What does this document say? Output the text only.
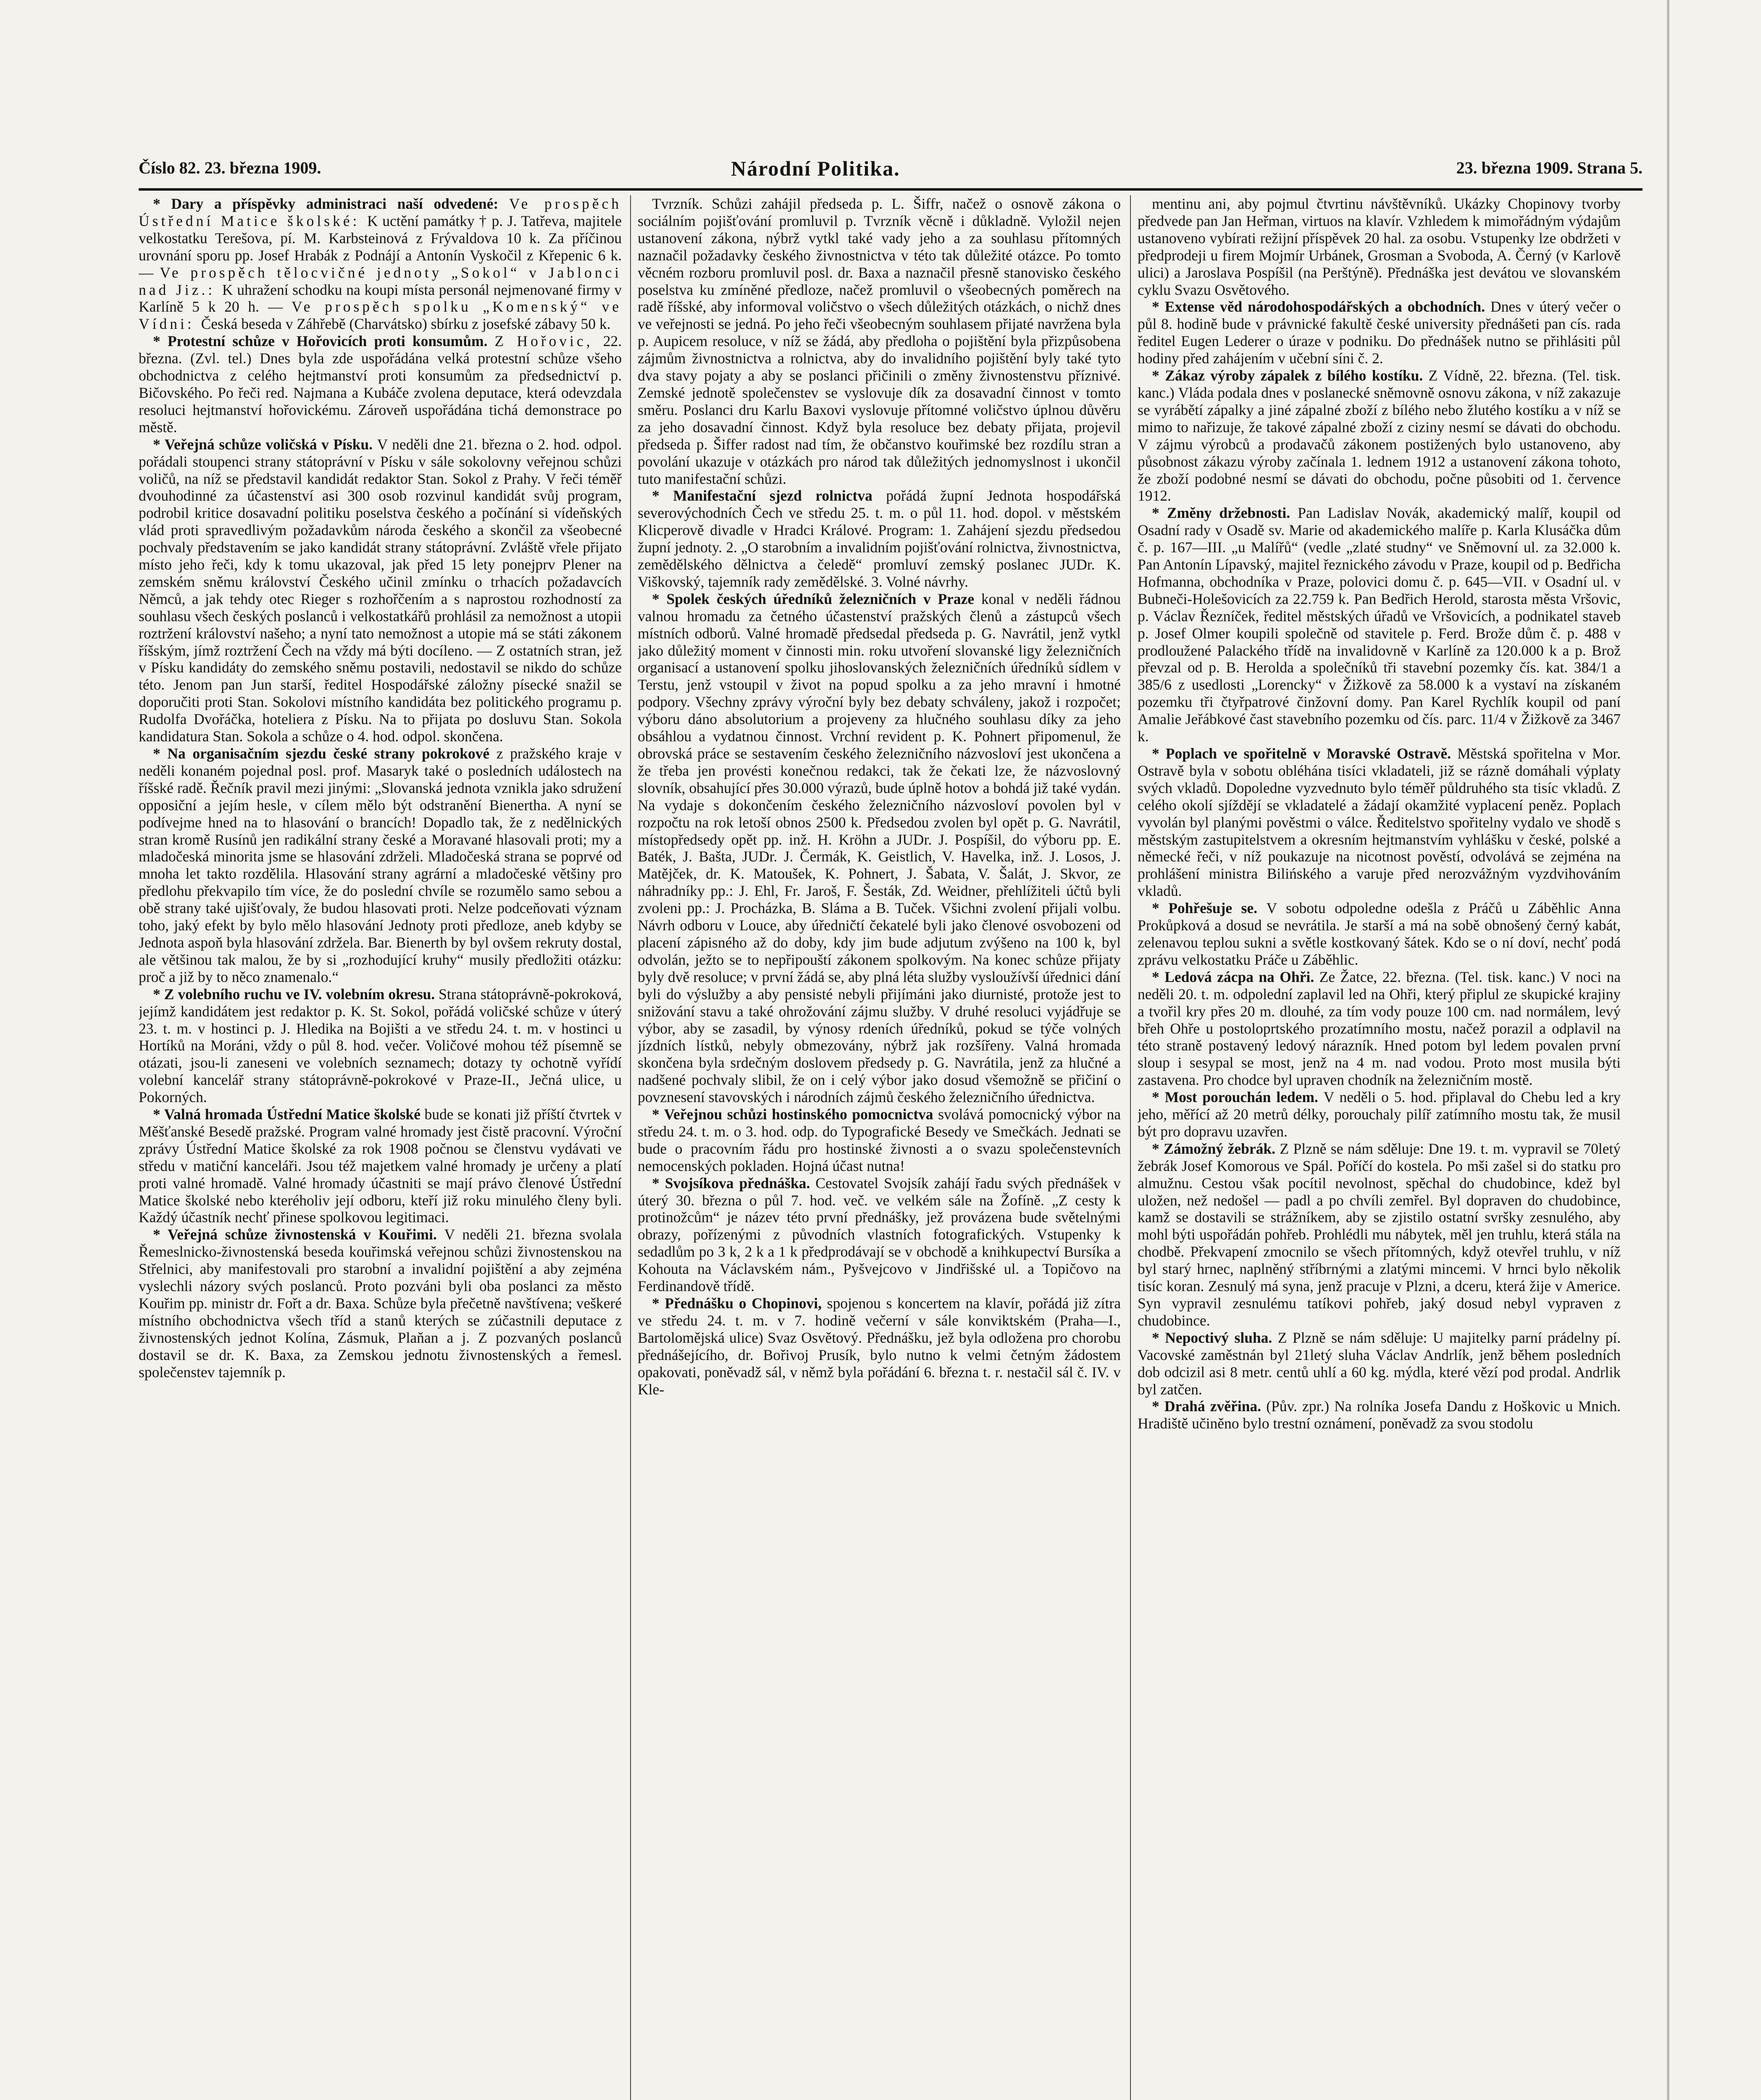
Číslo 82. 23. března 1909.	Národní Politika.	23. března 1909. Strana 5.

* Dary a příspěvky administraci naší odvedené: Ve prospěch Ústřední Matice školské: K uctění památky † p. J. Tatřeva, majitele velkostatku Terešova, pí. M. Karbsteinová z Frývaldova 10 k. Za příčinou urovnání sporu pp. Josef Hrabák z Podnájí a Antonín Vyskočil z Křepenic 6 k. — Ve prospěch tělocvičné jednoty „Sokol“ v Jablonci nad Jiz.: K uhražení schodku na koupi místa personál nejmenované firmy v Karlíně 5 k 20 h. — Ve prospěch spolku „Komenský“ ve Vídni: Česká beseda v Záhřebě (Charvátsko) sbírku z josefské zábavy 50 k.

* Protestní schůze v Hořovicích proti konsumům. Z Hořovic, 22. března. (Zvl. tel.) Dnes byla zde uspořádána velká protestní schůze všeho obchodnictva z celého hejtmanství proti konsumům za předsednictví p. Bičovského. Po řeči red. Najmana a Kubáče zvolena deputace, která odevzdala resoluci hejtmanství hořovickému. Zároveň uspořádána tichá demonstrace po městě.

* Veřejná schůze voličská v Písku. V neděli dne 21. března o 2. hod. odpol. pořádali stoupenci strany státoprávní v Písku v sále sokolovny veřejnou schůzi voličů, na níž se představil kandidát redaktor Stan. Sokol z Prahy. V řeči téměř dvouhodinné za účastenství asi 300 osob rozvinul kandidát svůj program, podrobil kritice dosavadní politiku poselstva českého a počínání si vídeňských vlád proti spravedlivým požadavkům národa českého a skončil za všeobecné pochvaly představením se jako kandidát strany státoprávní. Zvláště vřele přijato místo jeho řeči, kdy k tomu ukazoval, jak před 15 lety ponejprv Plener na zemském sněmu království Českého učinil zmínku o trhacích požadavcích Němců, a jak tehdy otec Rieger s rozhořčením a s naprostou rozhodností za souhlasu všech českých poslanců i velkostatkářů prohlásil za nemožnost a utopii roztržení království našeho; a nyní tato nemožnost a utopie má se státi zákonem říšským, jímž roztržení Čech na vždy má býti docíleno. — Z ostatních stran, jež v Písku kandidáty do zemského sněmu postavili, nedostavil se nikdo do schůze této. Jenom pan Jun starší, ředitel Hospodářské záložny písecké snažil se doporučiti proti Stan. Sokolovi místního kandidáta bez politického programu p. Rudolfa Dvořáčka, hoteliera z Písku. Na to přijata po dosluvu Stan. Sokola kandidatura Stan. Sokola a schůze o 4. hod. odpol. skončena.

* Na organisačním sjezdu české strany pokrokové z pražského kraje v neděli konaném pojednal posl. prof. Masaryk také o posledních událostech na říšské radě. Řečník pravil mezi jinými: „Slovanská jednota vznikla jako sdružení opposiční a jejím hesle‚ v cílem mělo být odstranění Bienertha. A nyní se podívejme hned na to hlasování o brancích! Dopadlo tak, že z nedělnických stran kromě Rusínů jen radikální strany české a Moravané hlasovali proti; my a mladočeská minorita jsme se hlasování zdrželi. Mladočeská strana se poprvé od mnoha let takto rozdělila. Hlasování strany agrární a mladočeské většiny pro předlohu překvapilo tím více, že do poslední chvíle se rozumělo samo sebou a obě strany také ujišťovaly, že budou hlasovati proti. Nelze podceňovati význam toho, jaký efekt by bylo mělo hlasování Jednoty proti předloze, aneb kdyby se Jednota aspoň byla hlasování zdržela. Bar. Bienerth by byl ovšem rekruty dostal, ale většinou tak malou, že by si „rozhodující kruhy“ musily předložiti otázku: proč a již by to něco znamenalo.“

* Z volebního ruchu ve IV. volebním okresu. Strana státoprávně-pokroková, jejímž kandidátem jest redaktor p. K. St. Sokol, pořádá voličské schůze v úterý 23. t. m. v hostinci p. J. Hledika na Bojišti a ve středu 24. t. m. v hostinci u Hortíků na Moráni, vždy o půl 8. hod. večer. Voličové mohou též písemně se otázati, jsou-li zaneseni ve volebních seznamech; dotazy ty ochotně vyřídí volební kancelář strany státoprávně-pokrokové v Praze-II., Ječná ulice, u Pokorných.

* Valná hromada Ústřední Matice školské bude se konati již příští čtvrtek v Měšťanské Besedě pražské. Program valné hromady jest čistě pracovní. Výroční zprávy Ústřední Matice školské za rok 1908 počnou se členstvu vydávati ve středu v matiční kanceláři. Jsou též majetkem valné hromady je určeny a platí proti valné hromadě. Valné hromady účastniti se mají právo členové Ústřední Matice školské nebo kteréholiv její odboru, kteří již roku minulého členy byli. Každý účastník nechť přinese spolkovou legitimaci.

* Veřejná schůze živnostenská v Kouřimi. V neděli 21. března svolala Řemeslnicko-živnostenská beseda kouřimská veřejnou schůzi živnostenskou na Střelnici, aby manifestovali pro starobní a invalidní pojištění a aby zejména vyslechli názory svých poslanců. Proto pozváni byli oba poslanci za město Kouřim pp. ministr dr. Fořt a dr. Baxa. Schůze byla přečetně navštívena; veškeré místního obchodnictva všech tříd a stanů kterých se zúčastnili deputace z živnostenských jednot Kolína, Zásmuk, Plaňan a j. Z pozvaných poslanců dostavil se dr. K. Baxa, za Zemskou jednotu živnostenských a řemesl. společenstev tajemník p.

Tvrzník. Schůzi zahájil předseda p. L. Šiffr, načež o osnově zákona o sociálním pojišťování promluvil p. Tvrzník věcně i důkladně. Vyložil nejen ustanovení zákona, nýbrž vytkl také vady jeho a za souhlasu přítomných naznačil požadavky českého živnostnictva v této tak důležité otázce. Po tomto věcném rozboru promluvil posl. dr. Baxa a naznačil přesně stanovisko českého poselstva ku zmíněné předloze, načež promluvil o všeobecných poměrech na radě říšské, aby informoval voličstvo o všech důležitých otázkách, o nichž dnes ve veřejnosti se jedná. Po jeho řeči všeobecným souhlasem přijaté navržena byla p. Aupicem resoluce, v níž se žádá, aby předloha o pojištění byla přizpůsobena zájmům živnostnictva a rolnictva, aby do invalidního pojištění byly také tyto dva stavy pojaty a aby se poslanci přičinili o změny živnostenstvu příznivé. Zemské jednotě společenstev se vyslovuje dík za dosavadní činnost v tomto směru. Poslanci dru Karlu Baxovi vyslovuje přítomné voličstvo úplnou důvěru za jeho dosavadní činnost. Když byla resoluce bez debaty přijata, projevil předseda p. Šiffer radost nad tím, že občanstvo kouřimské bez rozdílu stran a povolání ukazuje v otázkách pro národ tak důležitých jednomyslnost i ukončil tuto manifestační schůzi.

* Manifestační sjezd rolnictva pořádá župní Jednota hospodářská severovýchodních Čech ve středu 25. t. m. o půl 11. hod. dopol. v městském Klicperově divadle v Hradci Králové. Program: 1. Zahájení sjezdu předsedou župní jednoty. 2. „O starobním a invalidním pojišťování rolnictva, živnostnictva, zemědělského dělnictva a čeledě“ promluví zemský poslanec JUDr. K. Viškovský, tajemník rady zemědělské. 3. Volné návrhy.

* Spolek českých úředníků železničních v Praze konal v neděli řádnou valnou hromadu za četného účastenství pražských členů a zástupců všech místních odborů. Valné hromadě předsedal předseda p. G. Navrátil, jenž vytkl jako důležitý moment v činnosti min. roku utvoření slovanské ligy železničních organisací a ustanovení spolku jihoslovanských železničních úředníků sídlem v Terstu, jenž vstoupil v život na popud spolku a za jeho mravní i hmotné podpory. Všechny zprávy výroční byly bez debaty schváleny, jakož i rozpočet; výboru dáno absolutorium a projeveny za hlučného souhlasu díky za jeho obsáhlou a vydatnou činnost. Vrchní revident p. K. Pohnert připomenul, že obrovská práce se sestavením českého železničního názvosloví jest ukončena a že třeba jen provésti konečnou redakci, tak že čekati lze, že názvoslovný slovník, obsahující přes 30.000 výrazů, bude úplně hotov a bohdá již také vydán. Na vydaje s dokončením českého železničního názvosloví povolen byl v rozpočtu na rok letoší obnos 2500 k. Předsedou zvolen byl opět p. G. Navrátil, místopředsedy opět pp. inž. H. Kröhn a JUDr. J. Pospíšil, do výboru pp. E. Baték, J. Bašta, JUDr. J. Čermák, K. Geistlich, V. Havelka, inž. J. Losos, J. Matějček, dr. K. Matoušek, K. Pohnert, J. Šabata, V. Šalát, J. Skvor, ze náhradníky pp.: J. Ehl, Fr. Jaroš, F. Šesták, Zd. Weidner, přehlížiteli účtů byli zvoleni pp.: J. Procházka, B. Sláma a B. Tuček. Všichni zvolení přijali volbu. Návrh odboru v Louce, aby úředničtí čekatelé byli jako členové osvobozeni od placení zápisného až do doby, kdy jim bude adjutum zvýšeno na 100 k, byl odvolán, ježto se to nepřipouští zákonem spolkovým. Na konec schůze přijaty byly dvě resoluce; v první žádá se, aby plná léta služby vysloužívší úřednici dání byli do výslužby a aby pensisté nebyli přijímáni jako diurnisté, protože jest to snižování stavu a také ohrožování zájmu služby. V druhé resoluci vyjádřuje se výbor, aby se zasadil, by výnosy rdeních úředníků, pokud se týče volných jízdních lístků, nebyly obmezovány, nýbrž jak rozšířeny. Valná hromada skončena byla srdečným doslovem předsedy p. G. Navrátila, jenž za hlučné a nadšené pochvaly slibil, že on i celý výbor jako dosud všemožně se přičiní o povznesení stavovských i národních zájmů českého železničního úřednictva.

* Veřejnou schůzi hostinského pomocnictva svolává pomocnický výbor na středu 24. t. m. o 3. hod. odp. do Typografické Besedy ve Smečkách. Jednati se bude o pracovním řádu pro hostinské živnosti a o svazu společenstevních nemocenských pokladen. Hojná účast nutna!

* Svojsíkova přednáška. Cestovatel Svojsík zahájí řadu svých přednášek v úterý 30. března o půl 7. hod. več. ve velkém sále na Žofíně. „Z cesty k protinožcům“ je název této první přednášky, jež provázena bude světelnými obrazy, pořízenými z původních vlastních fotografických. Vstupenky k sedadlům po 3 k, 2 k a 1 k předprodávají se v obchodě a knihkupectví Bursíka a Kohouta na Václavském nám., Pyšvejcovo v Jindřišské ul. a Topičovo na Ferdinandově třídě.

* Přednášku o Chopinovi, spojenou s koncertem na klavír, pořádá již zítra ve středu 24. t. m. v 7. hodině večerní v sále konviktském (Praha—I., Bartolomějská ulice) Svaz Osvětový. Přednášku, jež byla odložena pro chorobu přednášejícího, dr. Bořivoj Prusík, bylo nutno k velmi četným žádostem opakovati, poněvadž sál, v němž byla pořádání 6. března t. r. nestačil sál č. IV. v Kle-

mentinu ani, aby pojmul čtvrtinu návštěvníků. Ukázky Chopinovy tvorby předvede pan Jan Heřman, virtuos na klavír. Vzhledem k mimořádným výdajům ustanoveno vybírati režijní příspěvek 20 hal. za osobu. Vstupenky lze obdržeti v předprodeji u firem Mojmír Urbánek, Grosman a Svoboda, A. Černý (v Karlově ulici) a Jaroslava Pospíšil (na Perštýně). Přednáška jest devátou ve slovanském cyklu Svazu Osvětového.

* Extense věd národohospodářských a obchodních. Dnes v úterý večer o půl 8. hodině bude v právnické fakultě české university přednášeti pan cís. rada ředitel Eugen Lederer o úraze v podniku. Do přednášek nutno se přihlásiti půl hodiny před zahájením v učební síni č. 2.

* Zákaz výroby zápalek z bílého kostíku. Z Vídně, 22. března. (Tel. tisk. kanc.) Vláda podala dnes v poslanecké sněmovně osnovu zákona, v níž zakazuje se vyrábětí zápalky a jiné zápalné zboží z bílého nebo žlutého kostíku a v níž se mimo to nařizuje, že takové zápalné zboží z ciziny nesmí se dávati do obchodu. V zájmu výrobců a prodavačů zákonem postižených bylo ustanoveno, aby působnost zákazu výroby začínala 1. lednem 1912 a ustanovení zákona tohoto, že zboží podobné nesmí se dávati do obchodu, počne působiti od 1. července 1912.

* Změny držebnosti. Pan Ladislav Novák, akademický malíř, koupil od Osadní rady v Osadě sv. Marie od akademického malíře p. Karla Klusáčka dům č. p. 167—III. „u Malířů“ (vedle „zlaté studny“ ve Sněmovní ul. za 32.000 k. Pan Antonín Lípavský, majitel řeznického závodu v Praze, koupil od p. Bedřicha Hofmanna, obchodníka v Praze, polovici domu č. p. 645—VII. v Osadní ul. v Bubneči-Holešovicích za 22.759 k. Pan Bedřich Herold, starosta města Vršovic, p. Václav Řezníček, ředitel městských úřadů ve Vršovicích, a podnikatel staveb p. Josef Olmer koupili společně od stavitele p. Ferd. Brože dům č. p. 488 v prodloužené Palackého třídě na invalidovně v Karlíně za 120.000 k a p. Brož převzal od p. B. Herolda a společníků tři stavební pozemky čís. kat. 384/1 a 385/6 z usedlosti „Lorencky“ v Žižkově za 58.000 k a vystaví na získaném pozemku tři čtyřpatrové činžovní domy. Pan Karel Rychlík koupil od paní Amalie Jeřábkové čast stavebního pozemku od čís. parc. 11/4 v Žižkově za 3467 k.

* Poplach ve spořitelně v Moravské Ostravě. Městská spořitelna v Mor. Ostravě byla v sobotu obléhána tisíci vkladateli, již se rázně domáhali výplaty svých vkladů. Dopoledne vyzvednuto bylo téměř půldruhého sta tisíc vkladů. Z celého okolí sjíždějí se vkladatelé a žádají okamžité vyplacení peněz. Poplach vyvolán byl planými pověstmi o válce. Ředitelstvo spořitelny vydalo ve shodě s městským zastupitelstvem a okresním hejtmanstvím vyhlášku v české, polské a německé řeči, v níž poukazuje na nicotnost pověstí, odvolává se zejména na prohlášení ministra Bilińského a varuje před nerozvážným vyzdvihováním vkladů.

* Pohřešuje se. V sobotu odpoledne odešla z Práčů u Záběhlic Anna Prokůpková a dosud se nevrátila. Je starší a má na sobě obnošený černý kabát, zelenavou teplou sukni a světle kostkovaný šátek. Kdo se o ní doví, nechť podá zprávu velkostatku Práče u Záběhlic.

* Ledová zácpa na Ohři. Ze Žatce, 22. března. (Tel. tisk. kanc.) V noci na neděli 20. t. m. odpolední zaplavil led na Ohři, který připlul ze skupické krajiny a tvořil kry přes 20 m. dlouhé, za tím vody pouze 100 cm. nad normálem, levý břeh Ohře u postoloprtského prozatímního mostu, načež porazil a odplavil na této straně postavený ledový nárazník. Hned potom byl ledem povalen první sloup i sesypal se most, jenž na 4 m. nad vodou. Proto most musila býti zastavena. Pro chodce byl upraven chodník na železničním mostě.

* Most porouchán ledem. V neděli o 5. hod. připlaval do Chebu led a kry jeho, měřící až 20 metrů délky, porouchaly pilíř zatímního mostu tak, že musil být pro dopravu uzavřen.

* Zámožný žebrák. Z Plzně se nám sděluje: Dne 19. t. m. vypravil se 70letý žebrák Josef Komorous ve Spál. Poříčí do kostela. Po mši zašel si do statku pro almužnu. Cestou však pocítil nevolnost, spěchal do chudobince, kdež byl uložen, než nedošel — padl a po chvíli zemřel. Byl dopraven do chudobince, kamž se dostavili se strážníkem, aby se zjistilo ostatní svršky zesnulého, aby mohl býti uspořádán pohřeb. Prohlédli mu nábytek, měl jen truhlu, která stála na chodbě. Překvapení zmocnilo se všech přítomných, když otevřel truhlu, v níž byl starý hrnec, naplněný stříbrnými a zlatými mincemi. V hrnci bylo několik tisíc koran. Zesnulý má syna, jenž pracuje v Plzni, a dceru, která žije v Americe. Syn vypravil zesnulému tatíkovi pohřeb, jaký dosud nebyl vypraven z chudobince.

* Nepoctivý sluha. Z Plzně se nám sděluje: U majitelky parní prádelny pí. Vacovské zaměstnán byl 21letý sluha Václav Andrlík, jenž během posledních dob odcizil asi 8 metr. centů uhlí a 60 kg. mýdla, které vězí pod prodal. Andrlik byl zatčen.

* Drahá zvěřina. (Pův. zpr.) Na rolníka Josefa Dandu z Hoškovic u Mnich. Hradiště učiněno bylo trestní oznámení, poněvadž za svou stodolu
